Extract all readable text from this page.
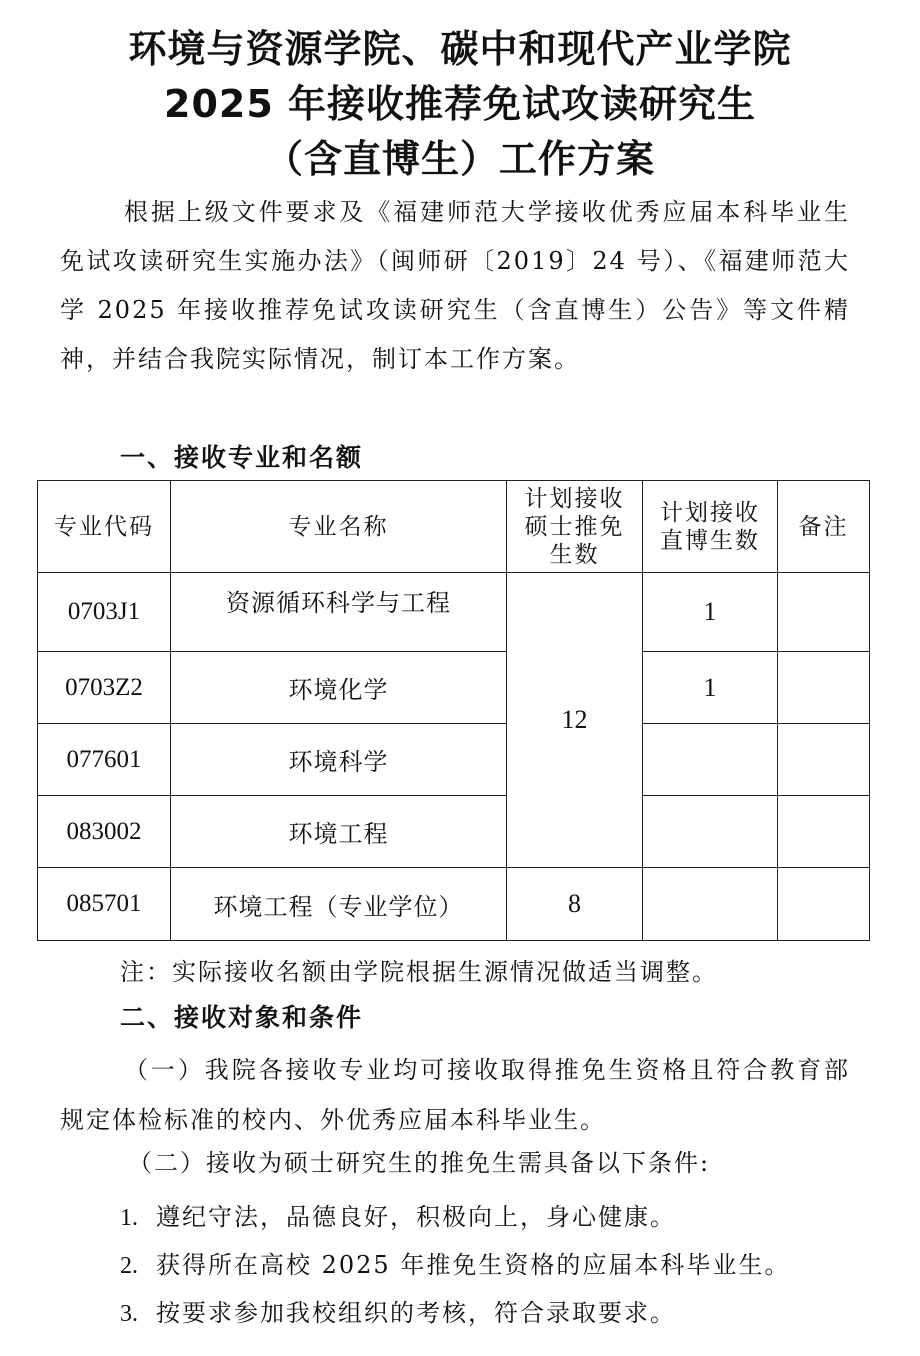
环境与资源学院、碳中和现代产业学院
2025 年接收推荐免试攻读研究生
（含直博生）工作方案
根据上级文件要求及《福建师范大学接收优秀应届本科毕业生免试攻读研究生实施办法》（闽师研〔2019〕24 号）、《福建师范大学 2025 年接收推荐免试攻读研究生（含直博生）公告》等文件精神，并结合我院实际情况，制订本工作方案。
一、接收专业和名额
专业代码	专业名称	计划接收硕士推免生数	计划接收直博生数	备注
0703J1	资源循环科学与工程	12	1	
0703Z2	环境化学		1	
077601	环境科学			
083002	环境工程			
085701	环境工程（专业学位）	8		
注：实际接收名额由学院根据生源情况做适当调整。
二、接收对象和条件
（一）我院各接收专业均可接收取得推免生资格且符合教育部规定体检标准的校内、外优秀应届本科毕业生。
（二）接收为硕士研究生的推免生需具备以下条件:
1. 遵纪守法，品德良好，积极向上，身心健康。
2. 获得所在高校 2025 年推免生资格的应届本科毕业生。
3. 按要求参加我校组织的考核，符合录取要求。
